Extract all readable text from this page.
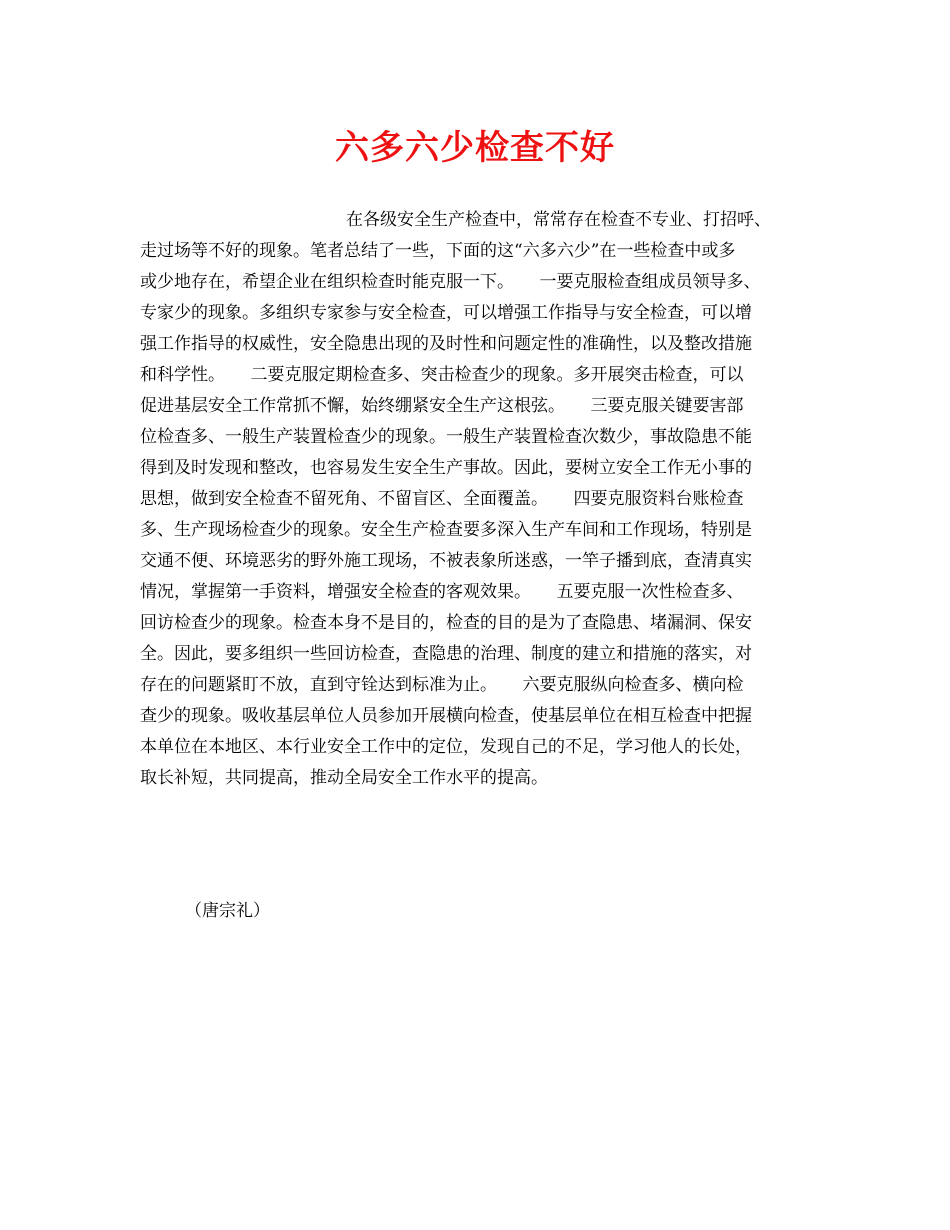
六多六少检查不好

在各级安全生产检查中，常常存在检查不专业、打招呼、

走过场等不好的现象。笔者总结了一些，下面的这“六多六少”在一些检查中或多

或少地存在，希望企业在组织检查时能克服一下。　　一要克服检查组成员领导多、

专家少的现象。多组织专家参与安全检查，可以增强工作指导与安全检查，可以增

强工作指导的权威性，安全隐患出现的及时性和问题定性的准确性，以及整改措施

和科学性。　　二要克服定期检查多、突击检查少的现象。多开展突击检查，可以

促进基层安全工作常抓不懈，始终绷紧安全生产这根弦。　　三要克服关键要害部

位检查多、一般生产装置检查少的现象。一般生产装置检查次数少，事故隐患不能

得到及时发现和整改，也容易发生安全生产事故。因此，要树立安全工作无小事的

思想，做到安全检查不留死角、不留盲区、全面覆盖。　　四要克服资料台账检查

多、生产现场检查少的现象。安全生产检查要多深入生产车间和工作现场，特别是

交通不便、环境恶劣的野外施工现场，不被表象所迷惑，一竿子播到底，查清真实

情况，掌握第一手资料，增强安全检查的客观效果。　　五要克服一次性检查多、

回访检查少的现象。检查本身不是目的，检查的目的是为了查隐患、堵漏洞、保安

全。因此，要多组织一些回访检查，查隐患的治理、制度的建立和措施的落实，对

存在的问题紧盯不放，直到守铨达到标准为止。　　六要克服纵向检查多、横向检

查少的现象。吸收基层单位人员参加开展横向检查，使基层单位在相互检查中把握

本单位在本地区、本行业安全工作中的定位，发现自己的不足，学习他人的长处，

取长补短，共同提高，推动全局安全工作水平的提高。

（唐宗礼）
